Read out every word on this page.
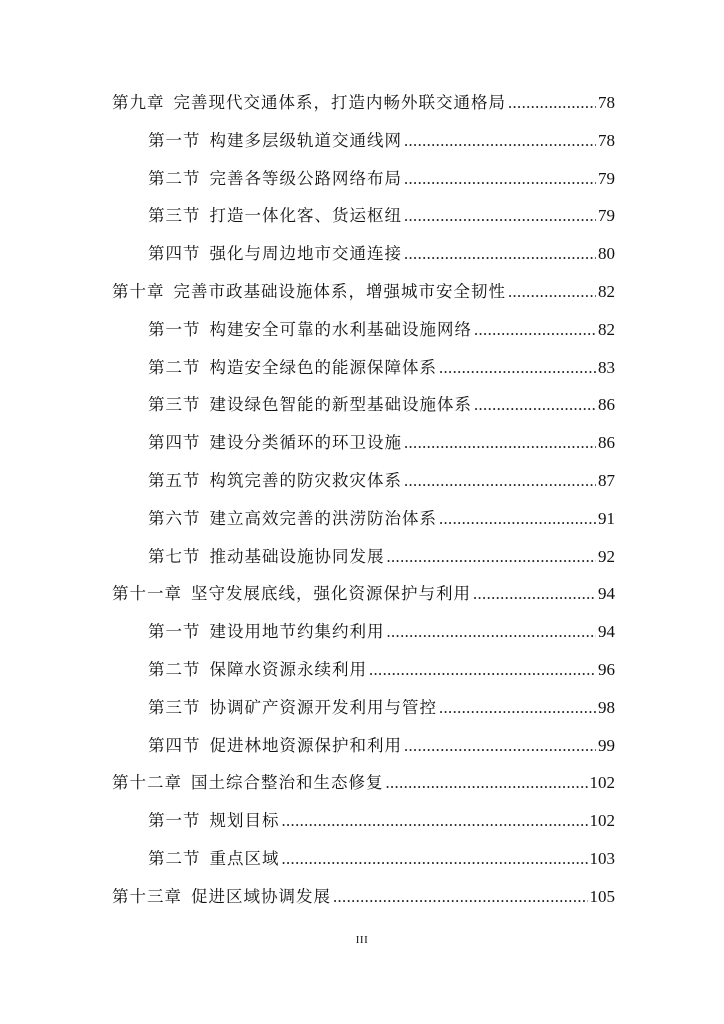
第九章 完善现代交通体系，打造内畅外联交通格局 .....	78
第一节 构建多层级轨道交通线网 .....	78
第二节 完善各等级公路网络布局 .....	79
第三节 打造一体化客、货运枢纽 .....	79
第四节 强化与周边地市交通连接 .....	80
第十章 完善市政基础设施体系，增强城市安全韧性 .....	82
第一节 构建安全可靠的水利基础设施网络 .....	82
第二节 构造安全绿色的能源保障体系 .....	83
第三节 建设绿色智能的新型基础设施体系 .....	86
第四节 建设分类循环的环卫设施 .....	86
第五节 构筑完善的防灾救灾体系 .....	87
第六节 建立高效完善的洪涝防治体系 .....	91
第七节 推动基础设施协同发展 .....	92
第十一章 坚守发展底线，强化资源保护与利用 .....	94
第一节 建设用地节约集约利用 .....	94
第二节 保障水资源永续利用 .....	96
第三节 协调矿产资源开发利用与管控 .....	98
第四节 促进林地资源保护和利用 .....	99
第十二章 国土综合整治和生态修复 .....	102
第一节 规划目标 .....	102
第二节 重点区域 .....	103
第十三章 促进区域协调发展 .....	105
III
